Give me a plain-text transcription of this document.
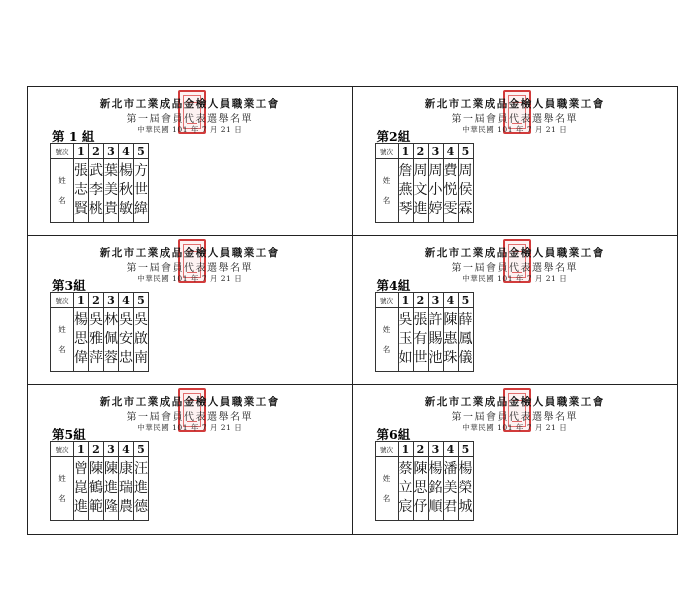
新北市工業成品金檢人員職業工會
第一屆會員代表選舉名單
中華民國 101 年 7 月 21 日
第 1 組
號次	1	2	3	4	5

姓
名	張
志
賢	武
李
桃	葉
美
貴	楊
秋
敏	方
世
緯
新北市工業成品金檢人員職業工會
第一屆會員代表選舉名單
中華民國 101 年 7 月 21 日
第2組
號次	1	2	3	4	5

姓
名	詹
燕
琴	周
文
進	周
小
婷	費
悦
雯	周
侯
霖
新北市工業成品金檢人員職業工會
第一屆會員代表選舉名單
中華民國 101 年 7 月 21 日
第3組
號次	1	2	3	4	5

姓
名	楊
思
偉	吳
雅
萍	林
佩
蓉	吳
安
忠	吳
啟
南
新北市工業成品金檢人員職業工會
第一屆會員代表選舉名單
中華民國 101 年 7 月 21 日
第4組
號次	1	2	3	4	5

姓
名	吳
玉
如	張
有
世	許
賜
池	陳
惠
珠	薛
鳳
儀
新北市工業成品金檢人員職業工會
第一屆會員代表選舉名單
中華民國 101 年 7 月 21 日
第5組
號次	1	2	3	4	5

姓
名	曾
崑
進	陳
鶴
範	陳
進
隆	康
瑞
農	汪
進
德
新北市工業成品金檢人員職業工會
第一屆會員代表選舉名單
中華民國 101 年 7 月 21 日
第6組
號次	1	2	3	4	5

姓
名	蔡
立
宸	陳
思
伃	楊
銘
順	潘
美
君	楊
榮
城
